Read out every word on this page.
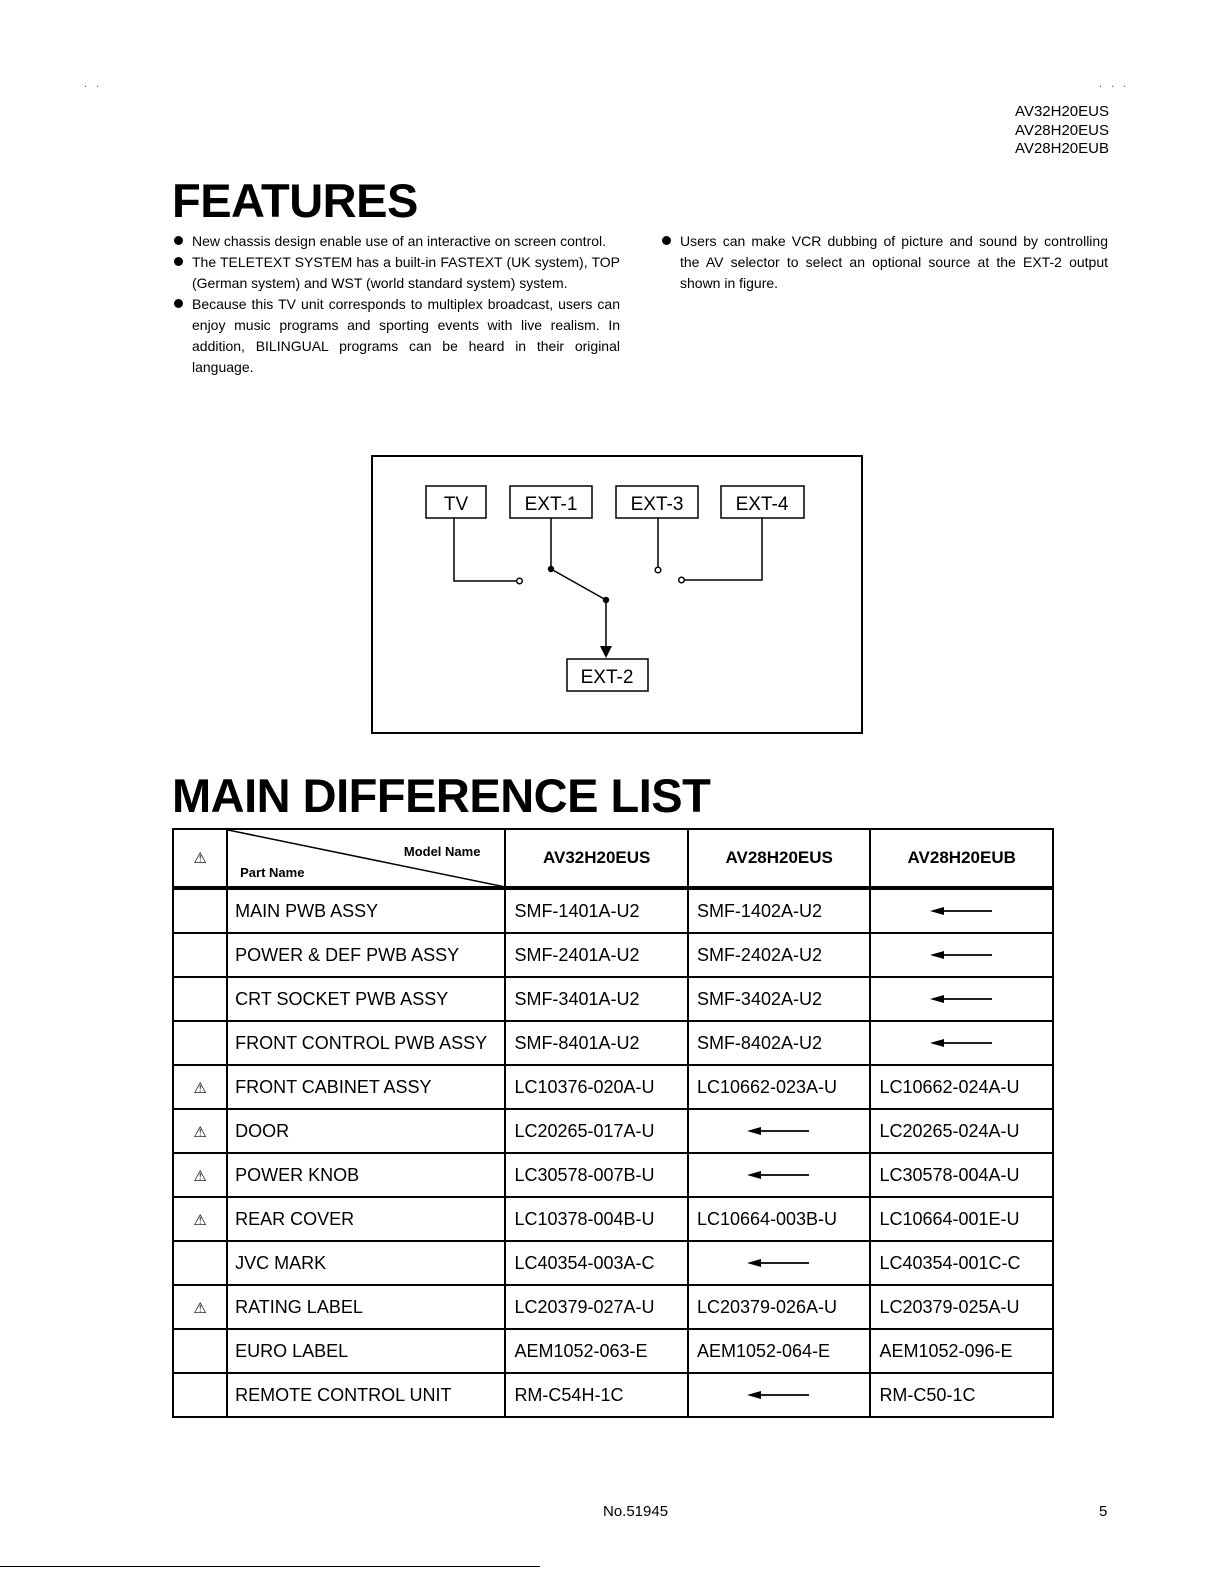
. .	. . .
AV32H20EUS
AV28H20EUS
AV28H20EUB
FEATURES
New chassis design enable use of an interactive on screen control.
The TELETEXT SYSTEM has a built-in FASTEXT (UK system), TOP (German system) and WST (world standard system) system.
Because this TV unit corresponds to multiplex broadcast, users can enjoy music programs and sporting events with live realism. In addition, BILINGUAL programs can be heard in their original language.
Users can make VCR dubbing of picture and sound by controlling the AV selector to select an optional source at the EXT-2 output shown in figure.
TV	EXT-1	EXT-3	EXT-4
EXT-2
MAIN DIFFERENCE LIST
⚠	Model Name
Part Name	AV32H20EUS	AV28H20EUS	AV28H20EUB
	MAIN PWB ASSY	SMF-1401A-U2	SMF-1402A-U2	

	POWER & DEF PWB ASSY	SMF-2401A-U2	SMF-2402A-U2	

	CRT SOCKET PWB ASSY	SMF-3401A-U2	SMF-3402A-U2	

	FRONT CONTROL PWB ASSY	SMF-8401A-U2	SMF-8402A-U2	

⚠	FRONT CABINET ASSY	LC10376-020A-U	LC10662-023A-U	LC10662-024A-U
⚠	DOOR	LC20265-017A-U		LC20265-024A-U
⚠	POWER KNOB	LC30578-007B-U		LC30578-004A-U
⚠	REAR COVER	LC10378-004B-U	LC10664-003B-U	LC10664-001E-U
	JVC MARK	LC40354-003A-C		LC40354-001C-C
⚠	RATING LABEL	LC20379-027A-U	LC20379-026A-U	LC20379-025A-U
	EURO LABEL	AEM1052-063-E	AEM1052-064-E	AEM1052-096-E
	REMOTE CONTROL UNIT	RM-C54H-1C		RM-C50-1C
No.51945	5
